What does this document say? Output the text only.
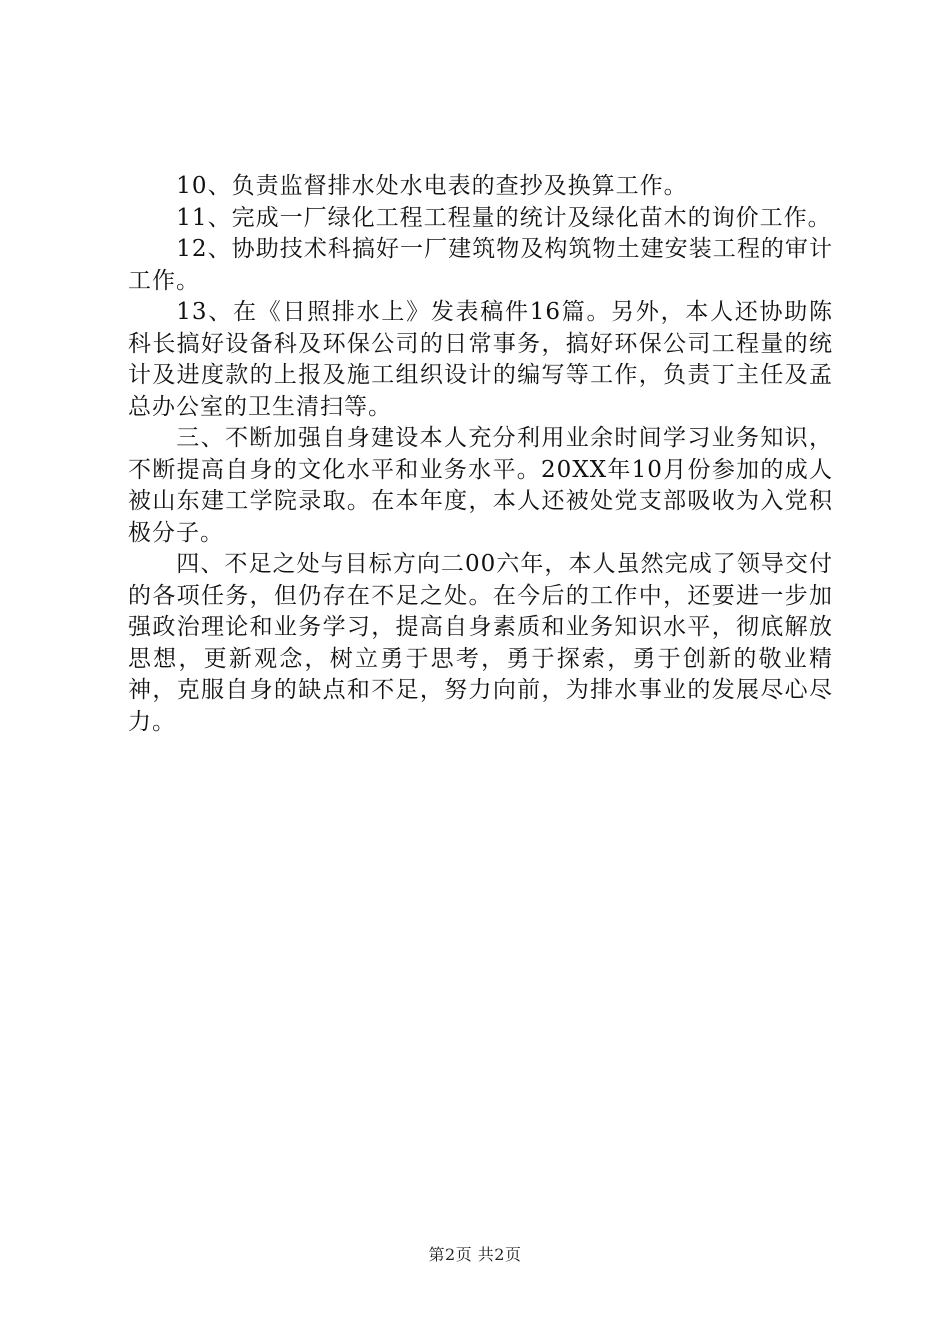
10、负责监督排水处水电表的查抄及换算工作。

11、完成一厂绿化工程工程量的统计及绿化苗木的询价工作。

12、协助技术科搞好一厂建筑物及构筑物土建安装工程的审计工作。

13、在《日照排水上》发表稿件16篇。另外，本人还协助陈科长搞好设备科及环保公司的日常事务，搞好环保公司工程量的统计及进度款的上报及施工组织设计的编写等工作，负责丁主任及孟总办公室的卫生清扫等。

三、不断加强自身建设本人充分利用业余时间学习业务知识，不断提高自身的文化水平和业务水平。20XX年10月份参加的成人被山东建工学院录取。在本年度，本人还被处党支部吸收为入党积极分子。

四、不足之处与目标方向二00六年，本人虽然完成了领导交付的各项任务，但仍存在不足之处。在今后的工作中，还要进一步加强政治理论和业务学习，提高自身素质和业务知识水平，彻底解放思想，更新观念，树立勇于思考，勇于探索，勇于创新的敬业精神，克服自身的缺点和不足，努力向前，为排水事业的发展尽心尽力。

第2页 共2页
